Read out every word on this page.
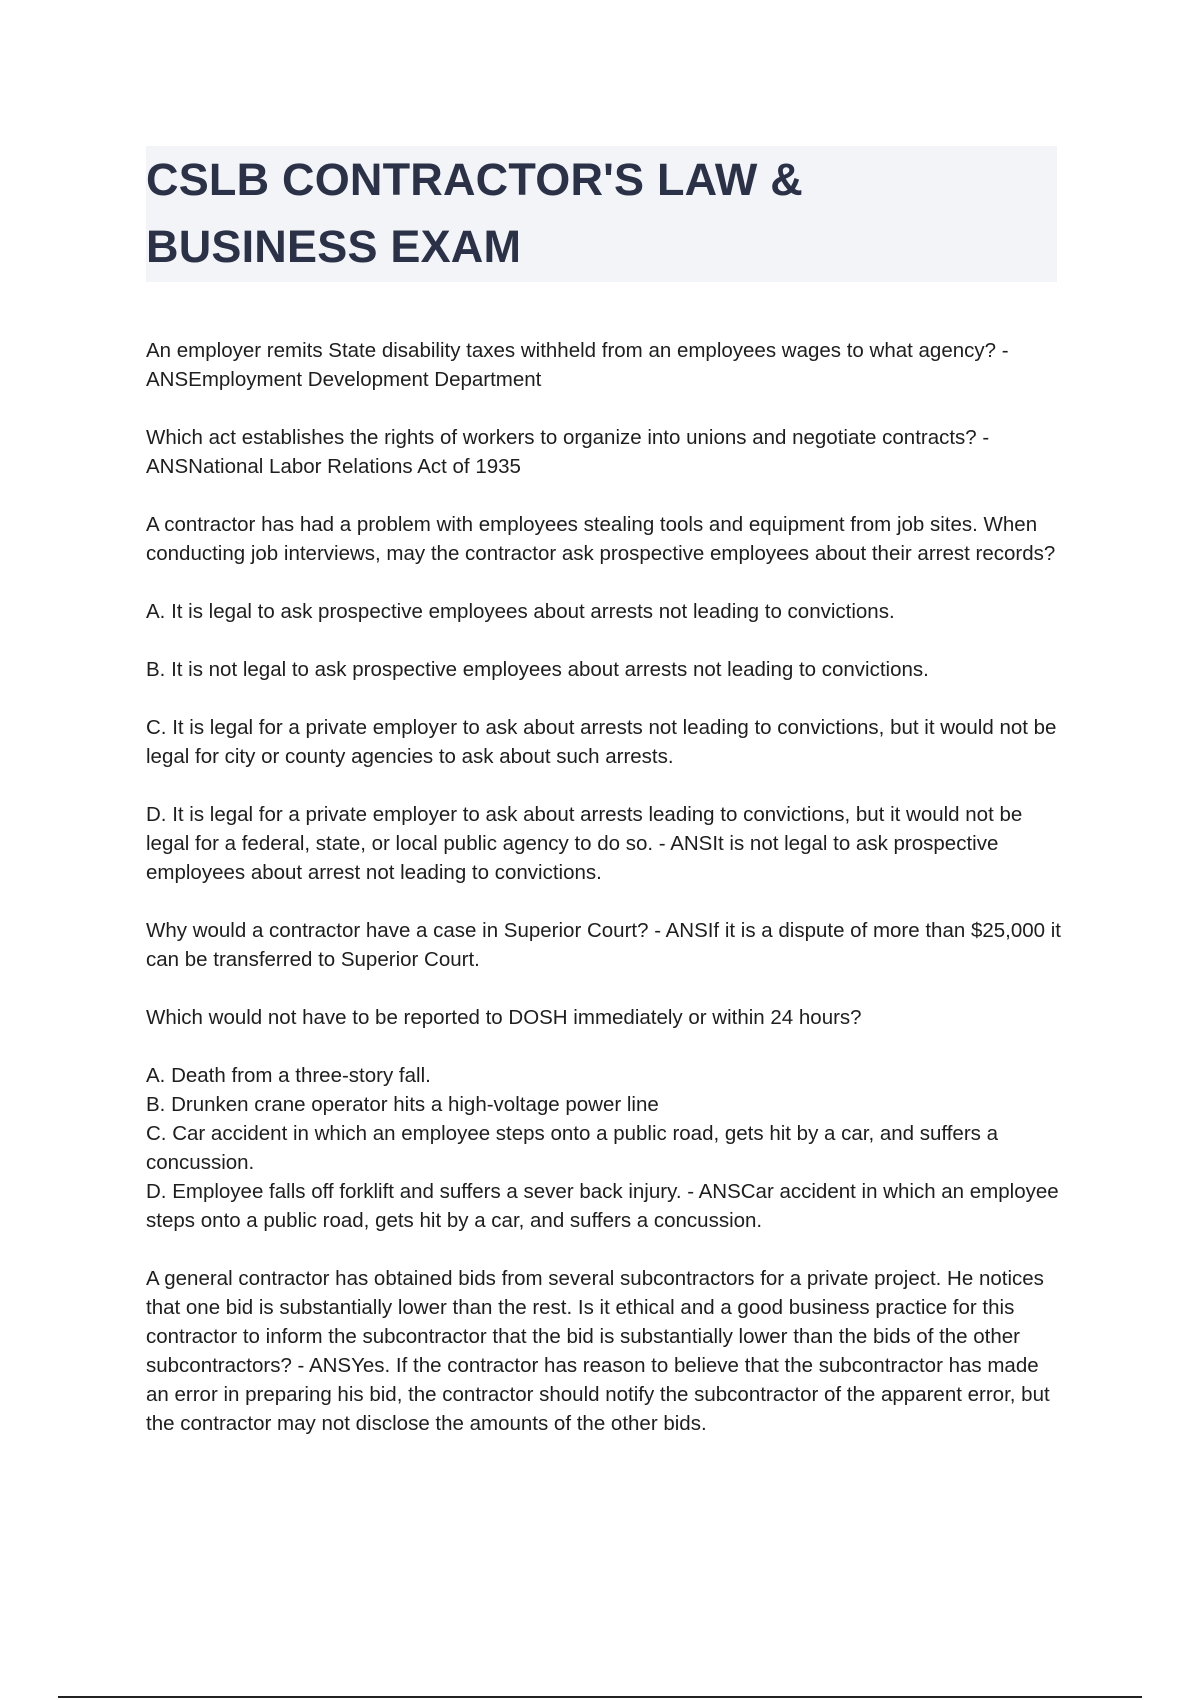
CSLB CONTRACTOR'S LAW &
BUSINESS EXAM

An employer remits State disability taxes withheld from an employees wages to what agency? - ANSEmployment Development Department

Which act establishes the rights of workers to organize into unions and negotiate contracts? - ANSNational Labor Relations Act of 1935

A contractor has had a problem with employees stealing tools and equipment from job sites. When conducting job interviews, may the contractor ask prospective employees about their arrest records?

A. It is legal to ask prospective employees about arrests not leading to convictions.

B. It is not legal to ask prospective employees about arrests not leading to convictions.

C. It is legal for a private employer to ask about arrests not leading to convictions, but it would not be legal for city or county agencies to ask about such arrests.

D. It is legal for a private employer to ask about arrests leading to convictions, but it would not be legal for a federal, state, or local public agency to do so. - ANSIt is not legal to ask prospective employees about arrest not leading to convictions.

Why would a contractor have a case in Superior Court? - ANSIf it is a dispute of more than $25,000 it can be transferred to Superior Court.

Which would not have to be reported to DOSH immediately or within 24 hours?

A. Death from a three-story fall.

B. Drunken crane operator hits a high-voltage power line

C. Car accident in which an employee steps onto a public road, gets hit by a car, and suffers a concussion.

D. Employee falls off forklift and suffers a sever back injury. - ANSCar accident in which an employee steps onto a public road, gets hit by a car, and suffers a concussion.

A general contractor has obtained bids from several subcontractors for a private project. He notices that one bid is substantially lower than the rest. Is it ethical and a good business practice for this contractor to inform the subcontractor that the bid is substantially lower than the bids of the other subcontractors? - ANSYes. If the contractor has reason to believe that the subcontractor has made an error in preparing his bid, the contractor should notify the subcontractor of the apparent error, but the contractor may not disclose the amounts of the other bids.
